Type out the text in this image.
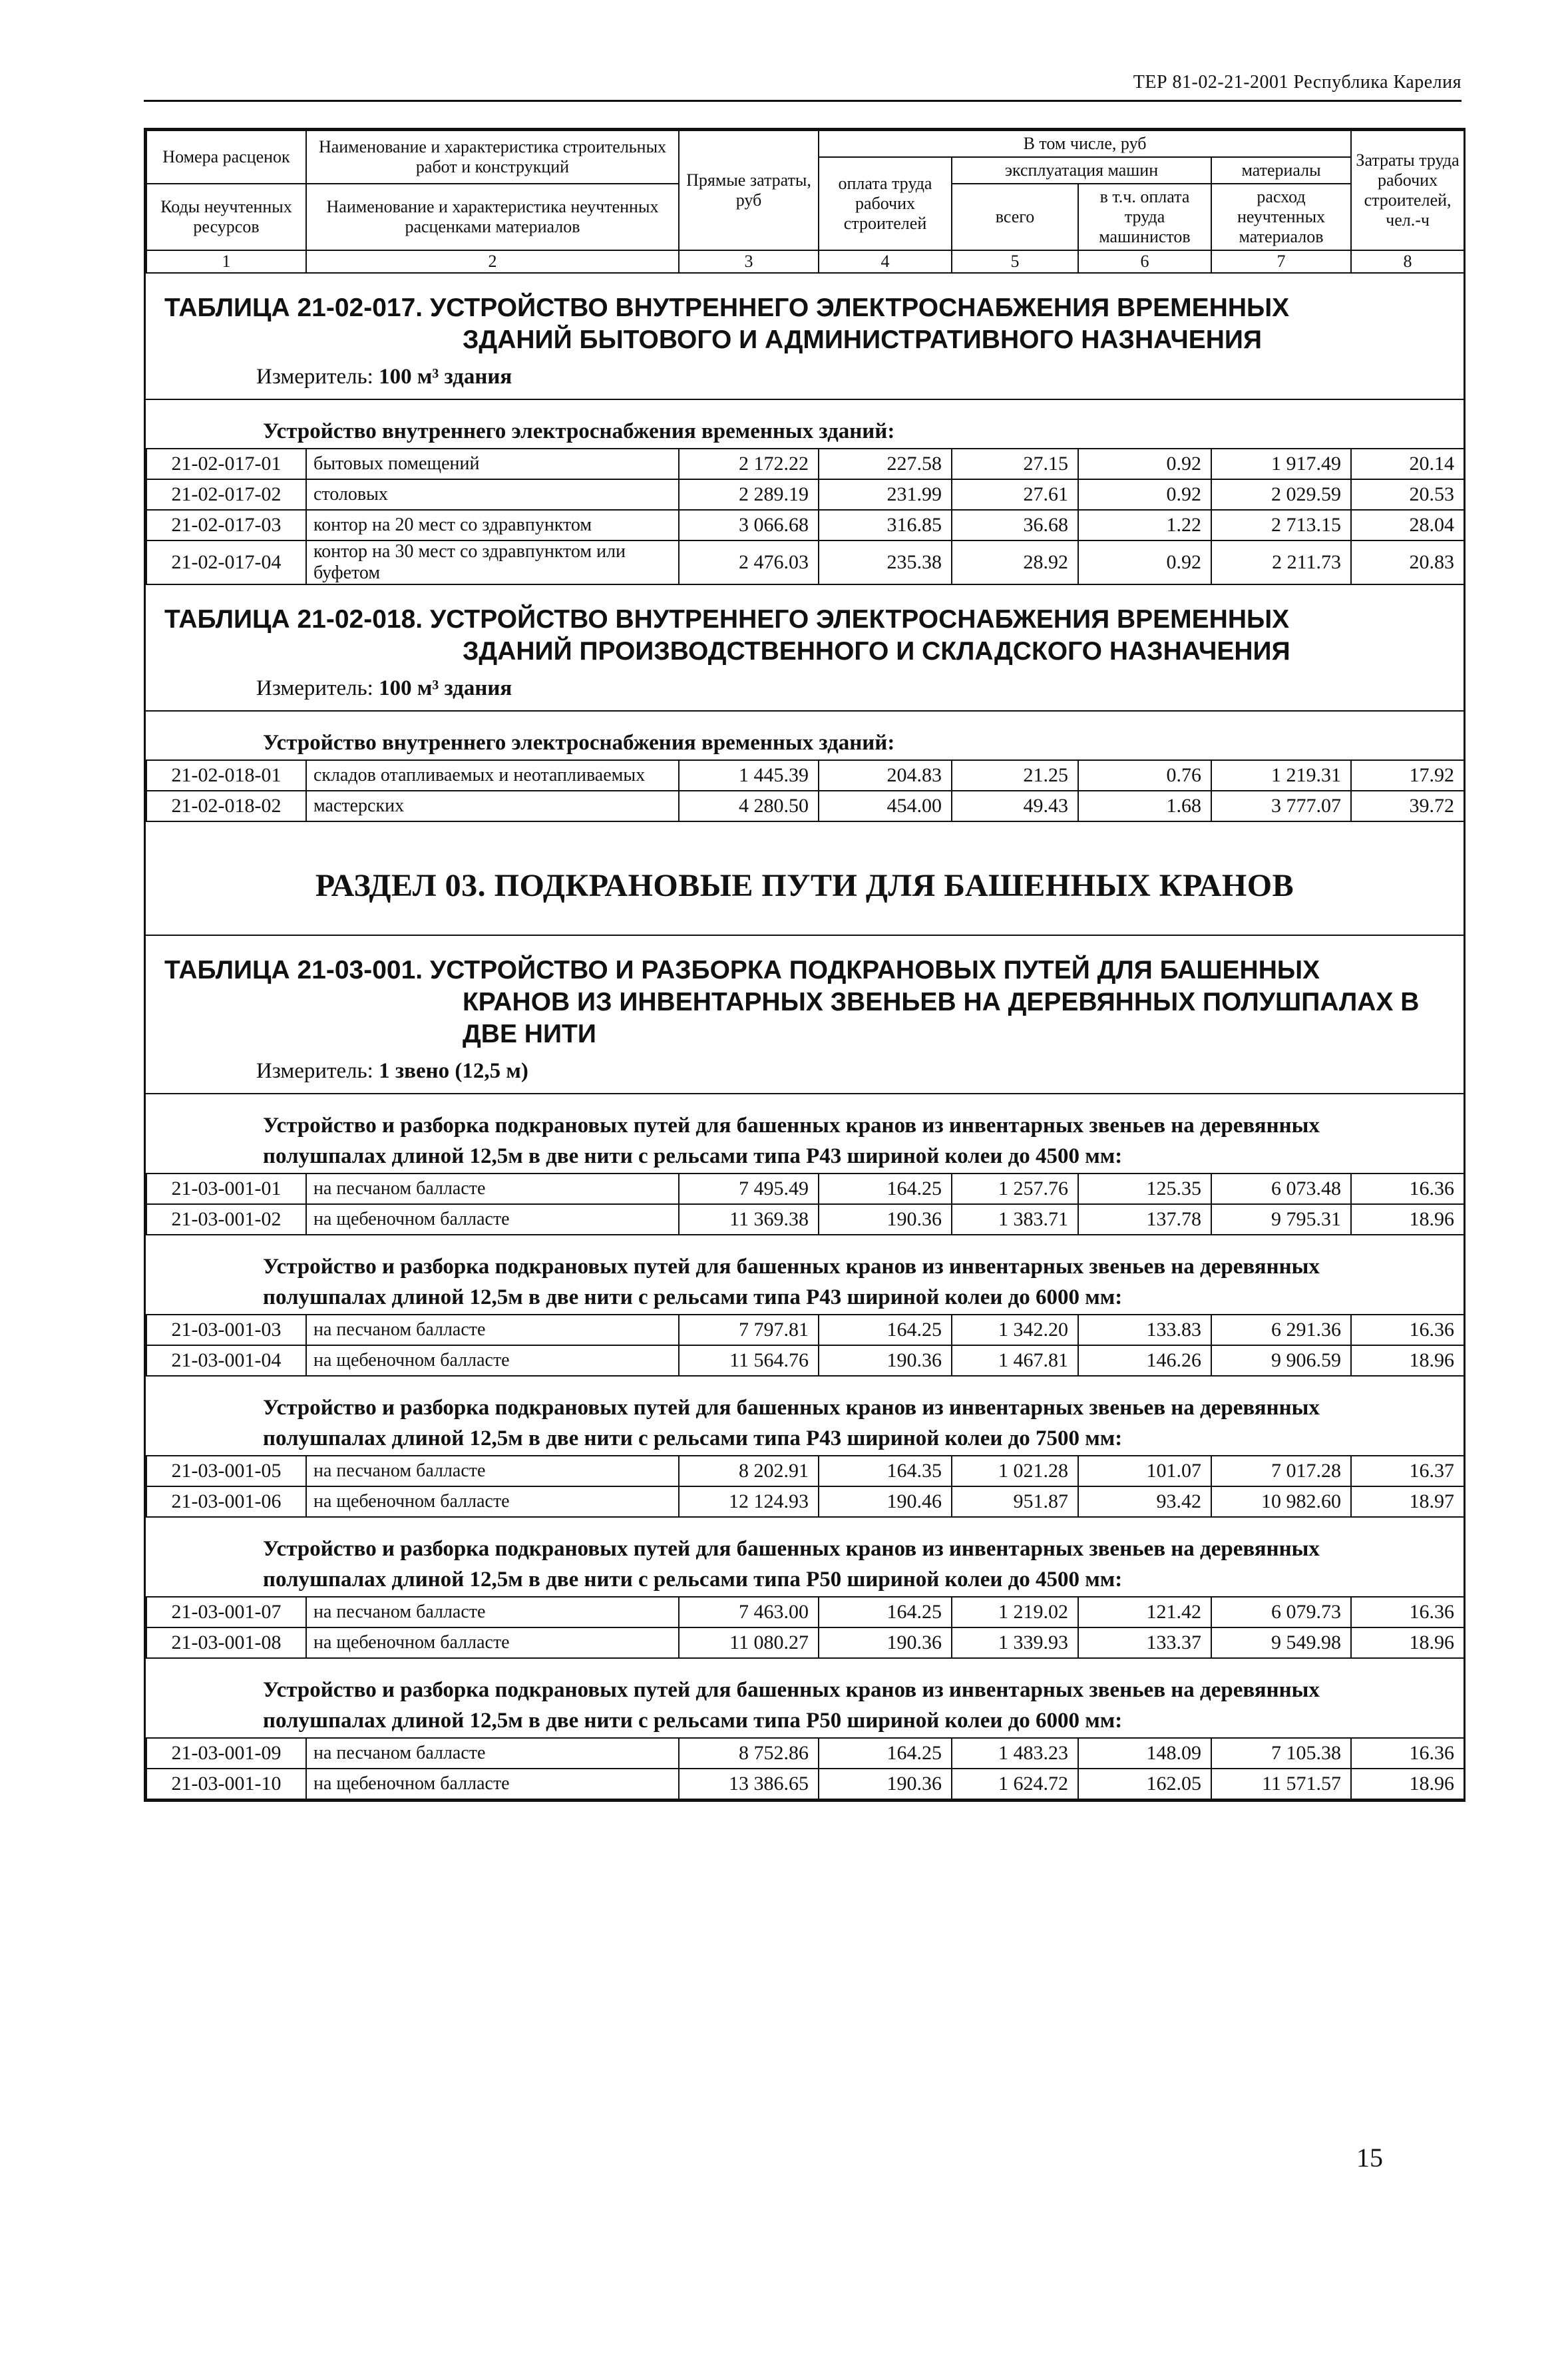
ТЕР 81-02-21-2001 Республика Карелия
Номера расценок	Наименование и характеристика строительных работ и конструкций	Прямые затраты, руб	В том числе, руб				Затраты труда рабочих строителей, чел.-ч
			оплата труда рабочих строителей	эксплуатация машин		материалы	
Коды неучтенных ресурсов	Наименование и характеристика неучтенных расценками материалов			всего	в т.ч. оплата труда машинистов	расход неучтенных материалов	

1	2	3	4	5	6	7	8
ТАБЛИЦА 21-02-017. УСТРОЙСТВО ВНУТРЕННЕГО ЭЛЕКТРОСНАБЖЕНИЯ ВРЕМЕННЫХ
ЗДАНИЙ БЫТОВОГО И АДМИНИСТРАТИВНОГО НАЗНАЧЕНИЯ
Измеритель: 100 м³ здания
Устройство внутреннего электроснабжения временных зданий:
21-02-017-01	бытовых помещений	2 172.22	227.58	27.15	0.92	1 917.49	20.14
21-02-017-02	столовых	2 289.19	231.99	27.61	0.92	2 029.59	20.53
21-02-017-03	контор на 20 мест со здравпунктом	3 066.68	316.85	36.68	1.22	2 713.15	28.04
21-02-017-04	контор на 30 мест со здравпунктом или буфетом	2 476.03	235.38	28.92	0.92	2 211.73	20.83
ТАБЛИЦА 21-02-018. УСТРОЙСТВО ВНУТРЕННЕГО ЭЛЕКТРОСНАБЖЕНИЯ ВРЕМЕННЫХ
ЗДАНИЙ ПРОИЗВОДСТВЕННОГО И СКЛАДСКОГО НАЗНАЧЕНИЯ
Измеритель: 100 м³ здания
Устройство внутреннего электроснабжения временных зданий:
21-02-018-01	складов отапливаемых и неотапливаемых	1 445.39	204.83	21.25	0.76	1 219.31	17.92
21-02-018-02	мастерских	4 280.50	454.00	49.43	1.68	3 777.07	39.72
РАЗДЕЛ 03. ПОДКРАНОВЫЕ ПУТИ ДЛЯ БАШЕННЫХ КРАНОВ
ТАБЛИЦА 21-03-001. УСТРОЙСТВО И РАЗБОРКА ПОДКРАНОВЫХ ПУТЕЙ ДЛЯ БАШЕННЫХ
КРАНОВ ИЗ ИНВЕНТАРНЫХ ЗВЕНЬЕВ НА ДЕРЕВЯННЫХ ПОЛУШПАЛАХ В
ДВЕ НИТИ
Измеритель: 1 звено (12,5 м)
Устройство и разборка подкрановых путей для башенных кранов из инвентарных звеньев на деревянных полушпалах длиной 12,5м в две нити с рельсами типа Р43 шириной колеи до 4500 мм:
21-03-001-01	на песчаном балласте	7 495.49	164.25	1 257.76	125.35	6 073.48	16.36
21-03-001-02	на щебеночном балласте	11 369.38	190.36	1 383.71	137.78	9 795.31	18.96
Устройство и разборка подкрановых путей для башенных кранов из инвентарных звеньев на деревянных полушпалах длиной 12,5м в две нити с рельсами типа Р43 шириной колеи до 6000 мм:
21-03-001-03	на песчаном балласте	7 797.81	164.25	1 342.20	133.83	6 291.36	16.36
21-03-001-04	на щебеночном балласте	11 564.76	190.36	1 467.81	146.26	9 906.59	18.96
Устройство и разборка подкрановых путей для башенных кранов из инвентарных звеньев на деревянных полушпалах длиной 12,5м в две нити с рельсами типа Р43 шириной колеи до 7500 мм:
21-03-001-05	на песчаном балласте	8 202.91	164.35	1 021.28	101.07	7 017.28	16.37
21-03-001-06	на щебеночном балласте	12 124.93	190.46	951.87	93.42	10 982.60	18.97
Устройство и разборка подкрановых путей для башенных кранов из инвентарных звеньев на деревянных полушпалах длиной 12,5м в две нити с рельсами типа Р50 шириной колеи до 4500 мм:
21-03-001-07	на песчаном балласте	7 463.00	164.25	1 219.02	121.42	6 079.73	16.36
21-03-001-08	на щебеночном балласте	11 080.27	190.36	1 339.93	133.37	9 549.98	18.96
Устройство и разборка подкрановых путей для башенных кранов из инвентарных звеньев на деревянных полушпалах длиной 12,5м в две нити с рельсами типа Р50 шириной колеи до 6000 мм:
21-03-001-09	на песчаном балласте	8 752.86	164.25	1 483.23	148.09	7 105.38	16.36
21-03-001-10	на щебеночном балласте	13 386.65	190.36	1 624.72	162.05	11 571.57	18.96
15
